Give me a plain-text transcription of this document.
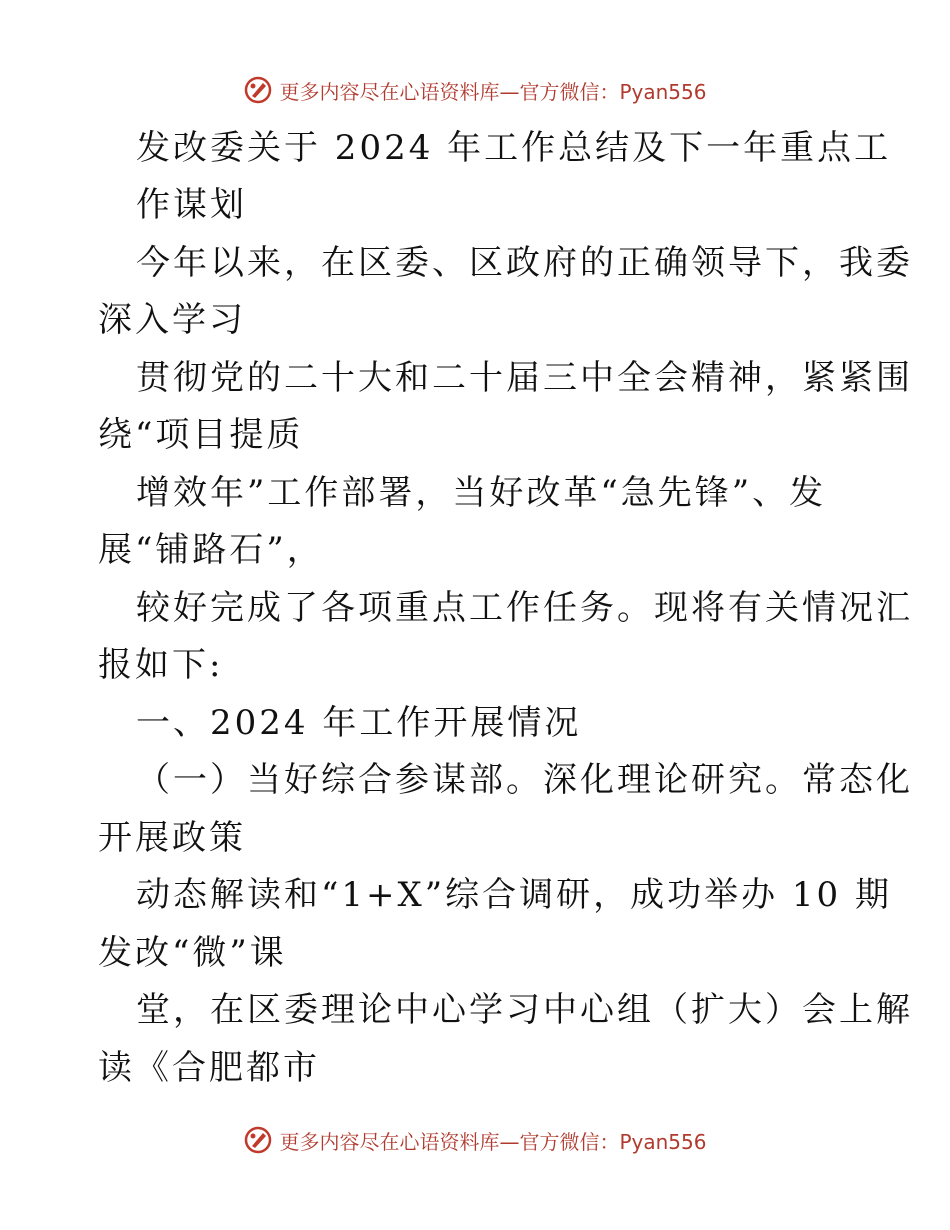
更多内容尽在心语资料库—官方微信：Pyan556
发改委关于 2024 年工作总结及下一年重点工
作谋划
今年以来，在区委、区政府的正确领导下，我委
深入学习
贯彻党的二十大和二十届三中全会精神，紧紧围
绕“项目提质
增效年”工作部署，当好改革“急先锋”、发
展“铺路石”，
较好完成了各项重点工作任务。现将有关情况汇
报如下:
一、2024 年工作开展情况
（一）当好综合参谋部。深化理论研究。常态化
开展政策
动态解读和“1+X”综合调研，成功举办 10 期
发改“微”课
堂，在区委理论中心学习中心组（扩大）会上解
读《合肥都市
更多内容尽在心语资料库—官方微信：Pyan556
